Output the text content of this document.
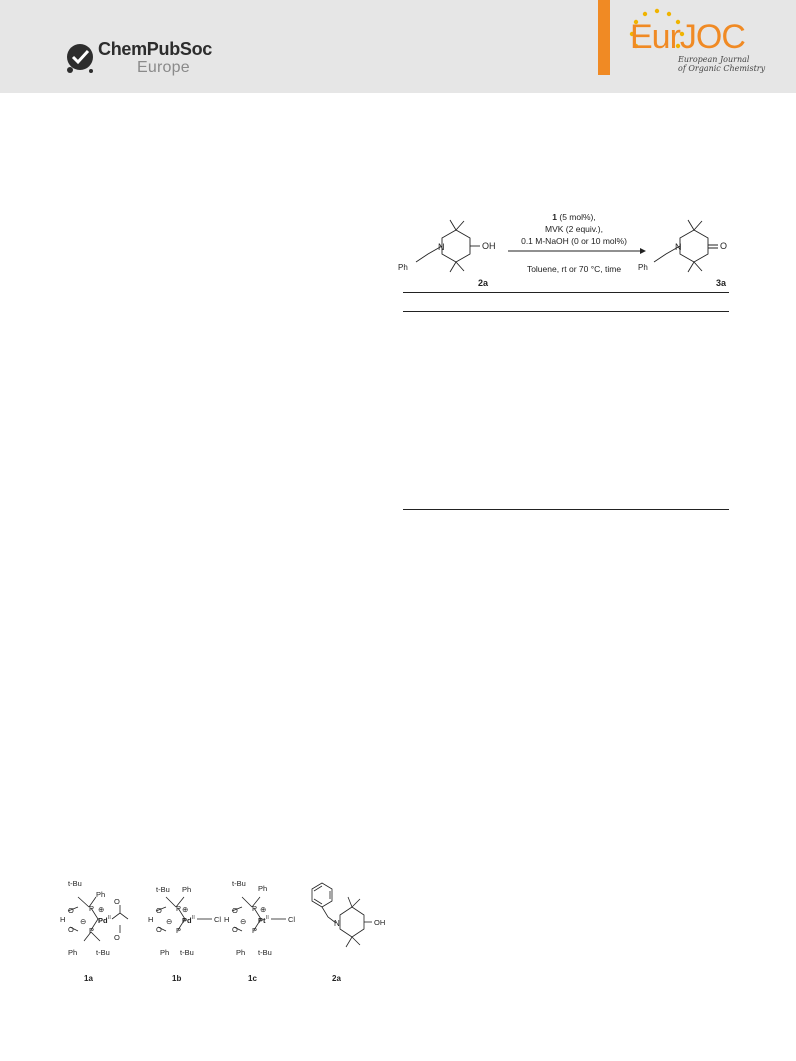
ChemPubSoc
Europe
EurJOC
European Journal
of Organic Chemistry
N
Ph
OH
2a
1 (5 mol%),
MVK (2 equiv.),
0.1 M-NaOH (0 or 10 mol%)
Toluene, rt or 70 °C, time
N
Ph
O
3a
t-Bu
Ph
O P
H
O P
⊕
⊖ Pd II
O
O
Ph	t-Bu
1a
t-Bu Ph
O P
H
O P
⊕
⊖ Pd II	Cl
Ph t-Bu
1b
t-Bu
Ph
O P
H
O P
⊕
⊖ Pt II	Cl
Ph t-Bu
1c
N	OH
2a
